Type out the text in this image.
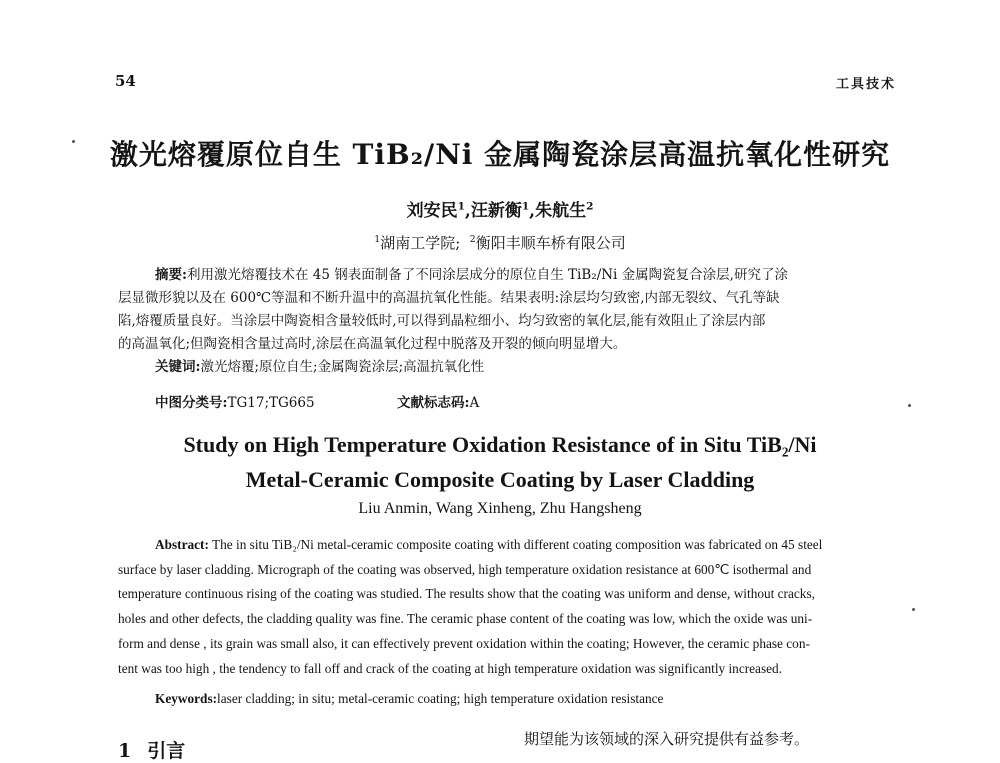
54	工具技术
激光熔覆原位自生 TiB₂/Ni 金属陶瓷涂层高温抗氧化性研究
刘安民$^1$,汪新衡$^1$,朱航生$^2$
$^1$湖南工学院; $^2$衡阳丰顺车桥有限公司

摘要:利用激光熔覆技术在 45 钢表面制备了不同涂层成分的原位自生 TiB₂/Ni 金属陶瓷复合涂层,研究了涂

层显微形貌以及在 600℃等温和不断升温中的高温抗氧化性能。结果表明:涂层均匀致密,内部无裂纹、气孔等缺

陷,熔覆质量良好。当涂层中陶瓷相含量较低时,可以得到晶粒细小、均匀致密的氧化层,能有效阻止了涂层内部

的高温氧化;但陶瓷相含量过高时,涂层在高温氧化过程中脱落及开裂的倾向明显增大。

关键词:激光熔覆;原位自生;金属陶瓷涂层;高温抗氧化性

中图分类号:TG17;TG665	文献标志码:A
Study on High Temperature Oxidation Resistance of in Situ TiB₂/Ni
Metal-Ceramic Composite Coating by Laser Cladding
Liu Anmin, Wang Xinheng, Zhu Hangsheng

Abstract: The in situ TiB₂/Ni metal-ceramic composite coating with different coating composition was fabricated on 45 steel

surface by laser cladding. Micrograph of the coating was observed, high temperature oxidation resistance at 600℃ isothermal and

temperature continuous rising of the coating was studied. The results show that the coating was uniform and dense, without cracks,

holes and other defects, the cladding quality was fine. The ceramic phase content of the coating was low, which the oxide was uni-

form and dense , its grain was small also, it can effectively prevent oxidation within the coating; However, the ceramic phase con-

tent was too high , the tendency to fall off and crack of the coating at high temperature oxidation was significantly increased.

Keywords:laser cladding; in situ; metal-ceramic coating; high temperature oxidation resistance
1 引言
期望能为该领域的深入研究提供有益参考。
